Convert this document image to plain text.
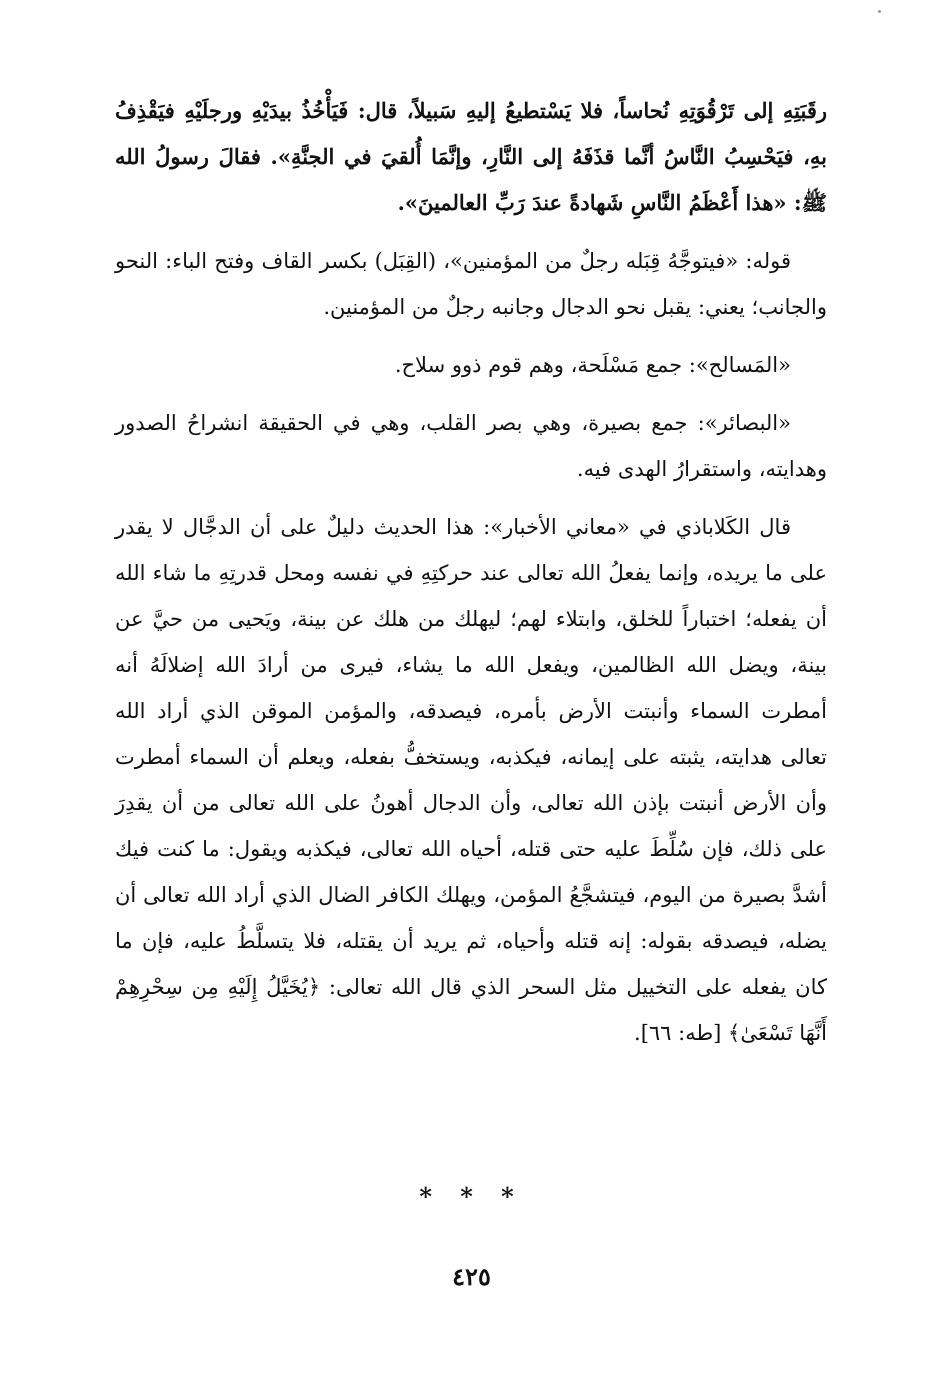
رقَبَتِهِ إلى تَرْقُوَتِهِ نُحاساً، فلا يَسْتطيعُ إليهِ سَبيلاً، قال: فَيَأْخُذُ بيدَيْهِ ورجلَيْهِ فيَقْذِفُ بهِ، فيَحْسِبُ النَّاسُ أنَّما قذَفَهُ إلى النَّارِ، وإنَّمَا أُلقيَ في الجنَّةِ». فقالَ رسولُ الله ﷺ: «هذا أَعْظَمُ النَّاسِ شَهادةً عندَ رَبِّ العالمينَ».

قوله: «فيتوجَّهُ قِبَله رجلٌ من المؤمنين»، (القِبَل) بكسر القاف وفتح الباء: النحو والجانب؛ يعني: يقبل نحو الدجال وجانبه رجلٌ من المؤمنين.

«المَسالح»: جمع مَسْلَحة، وهم قوم ذوو سلاح.

«البصائر»: جمع بصيرة، وهي بصر القلب، وهي في الحقيقة انشراحُ الصدور وهدايته، واستقرارُ الهدى فيه.

قال الكَلاباذي في «معاني الأخبار»: هذا الحديث دليلٌ على أن الدجَّال لا يقدر على ما يريده، وإنما يفعلُ الله تعالى عند حركتِهِ في نفسه ومحل قدرتِهِ ما شاء الله أن يفعله؛ اختباراً للخلق، وابتلاء لهم؛ ليهلك من هلك عن بينة، ويَحيى من حيَّ عن بينة، ويضل الله الظالمين، ويفعل الله ما يشاء، فيرى من أرادَ الله إضلالَهُ أنه أمطرت السماء وأنبتت الأرض بأمره، فيصدقه، والمؤمن الموقن الذي أراد الله تعالى هدايته، يثبته على إيمانه، فيكذبه، ويستخفُّ بفعله، ويعلم أن السماء أمطرت وأن الأرض أنبتت بإذن الله تعالى، وأن الدجال أهونُ على الله تعالى من أن يقدِرَ على ذلك، فإن سُلِّطَ عليه حتى قتله، أحياه الله تعالى، فيكذبه ويقول: ما كنت فيك أشدَّ بصيرة من اليوم، فيتشجَّعُ المؤمن، ويهلك الكافر الضال الذي أراد الله تعالى أن يضله، فيصدقه بقوله: إنه قتله وأحياه، ثم يريد أن يقتله، فلا يتسلَّطُ عليه، فإن ما كان يفعله على التخييل مثل السحر الذي قال الله تعالى: ﴿يُخَيَّلُ إِلَيْهِ مِن سِحْرِهِمْ أَنَّهَا تَسْعَىٰ﴾ [طه: ٦٦].

* * *
٤٢٥
